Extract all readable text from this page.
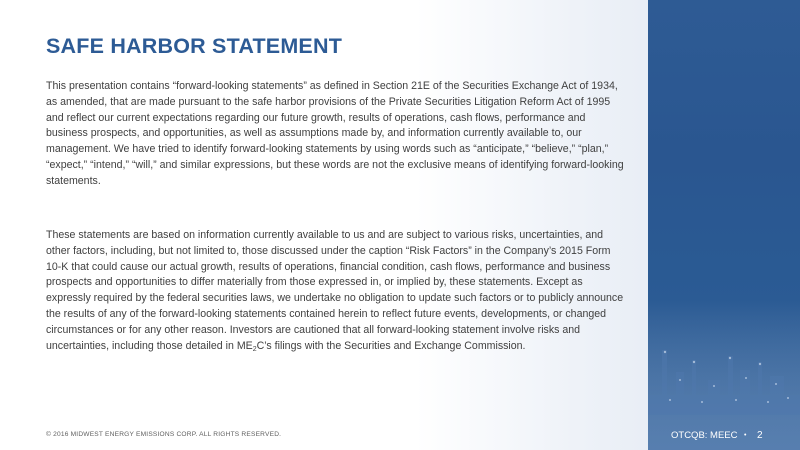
SAFE HARBOR STATEMENT

This presentation contains “forward-looking statements” as defined in Section 21E of the Securities Exchange Act of 1934, as amended, that are made pursuant to the safe harbor provisions of the Private Securities Litigation Reform Act of 1995 and reflect our current expectations regarding our future growth, results of operations, cash flows, performance and business prospects, and opportunities, as well as assumptions made by, and information currently available to, our management. We have tried to identify forward-looking statements by using words such as “anticipate,” “believe,” “plan,” “expect,” “intend,” “will,” and similar expressions, but these words are not the exclusive means of identifying forward-looking statements.

These statements are based on information currently available to us and are subject to various risks, uncertainties, and other factors, including, but not limited to, those discussed under the caption “Risk Factors” in the Company’s 2015 Form 10-K that could cause our actual growth, results of operations, financial condition, cash flows, performance and business prospects and opportunities to differ materially from those expressed in, or implied by, these statements. Except as expressly required by the federal securities laws, we undertake no obligation to update such factors or to publicly announce the results of any of the forward-looking statements contained herein to reflect future events, developments, or changed circumstances or for any other reason. Investors are cautioned that all forward-looking statement involve risks and uncertainties, including those detailed in $ME_2C’s$ filings with the Securities and Exchange Commission.

© 2016 MIDWEST ENERGY EMISSIONS CORP. ALL RIGHTS RESERVED.	OTCQB: MEEC • 2
